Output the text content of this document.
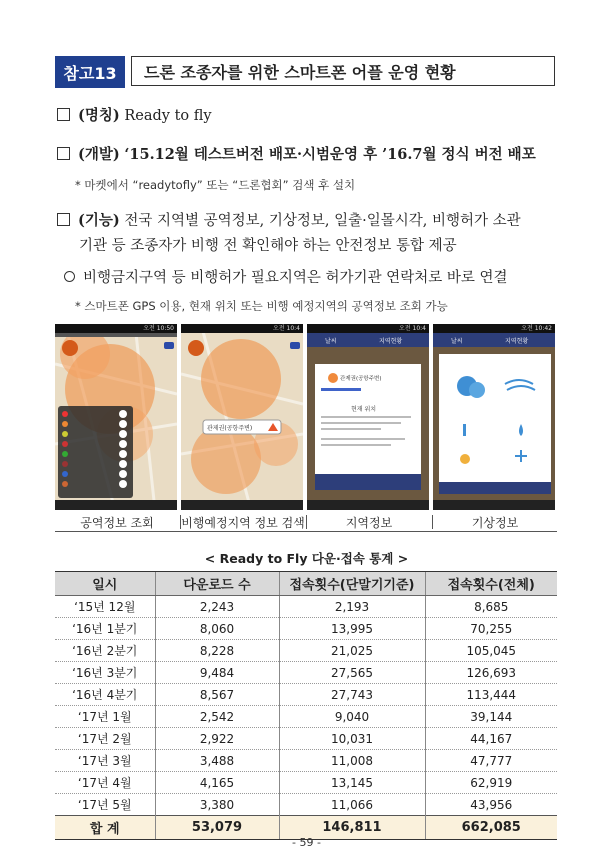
참고13	드론 조종자를 위한 스마트폰 어플 운영 현황
(명칭) Ready to fly
(개발) ‘15.12월 테스트버전 배포·시범운영 후 ’16.7월 정식 버전 배포
* 마켓에서 “readytofly” 또는 “드론협회” 검색 후 설치
(기능) 전국 지역별 공역정보, 기상정보, 일출·일몰시각, 비행허가 소관
기관 등 조종자가 비행 전 확인해야 하는 안전정보 통합 제공
비행금지구역 등 비행허가 필요지역은 허가기관 연락처로 바로 연결
* 스마트폰 GPS 이용, 현재 위치 또는 비행 예정지역의 공역정보 조회 가능
오전 10:50	오전 10:4
관제권(공항주변)
오전 10:4
관제권(공항주변)
현재 위치
날씨	지역현황
오전 10:42
날씨	지역현황
공역정보 조회	비행예정지역 정보 검색	지역정보	기상정보
< Ready to Fly 다운·접속 통계 >
일시	다운로드 수	접속횟수(단말기기준)	접속횟수(전체)
‘15년 12월	2,243	2,193	8,685
‘16년 1분기	8,060	13,995	70,255
‘16년 2분기	8,228	21,025	105,045
‘16년 3분기	9,484	27,565	126,693
‘16년 4분기	8,567	27,743	113,444
‘17년 1월	2,542	9,040	39,144
‘17년 2월	2,922	10,031	44,167
‘17년 3월	3,488	11,008	47,777
‘17년 4월	4,165	13,145	62,919
‘17년 5월	3,380	11,066	43,956
합 계	53,079	146,811	662,085
- 59 -
